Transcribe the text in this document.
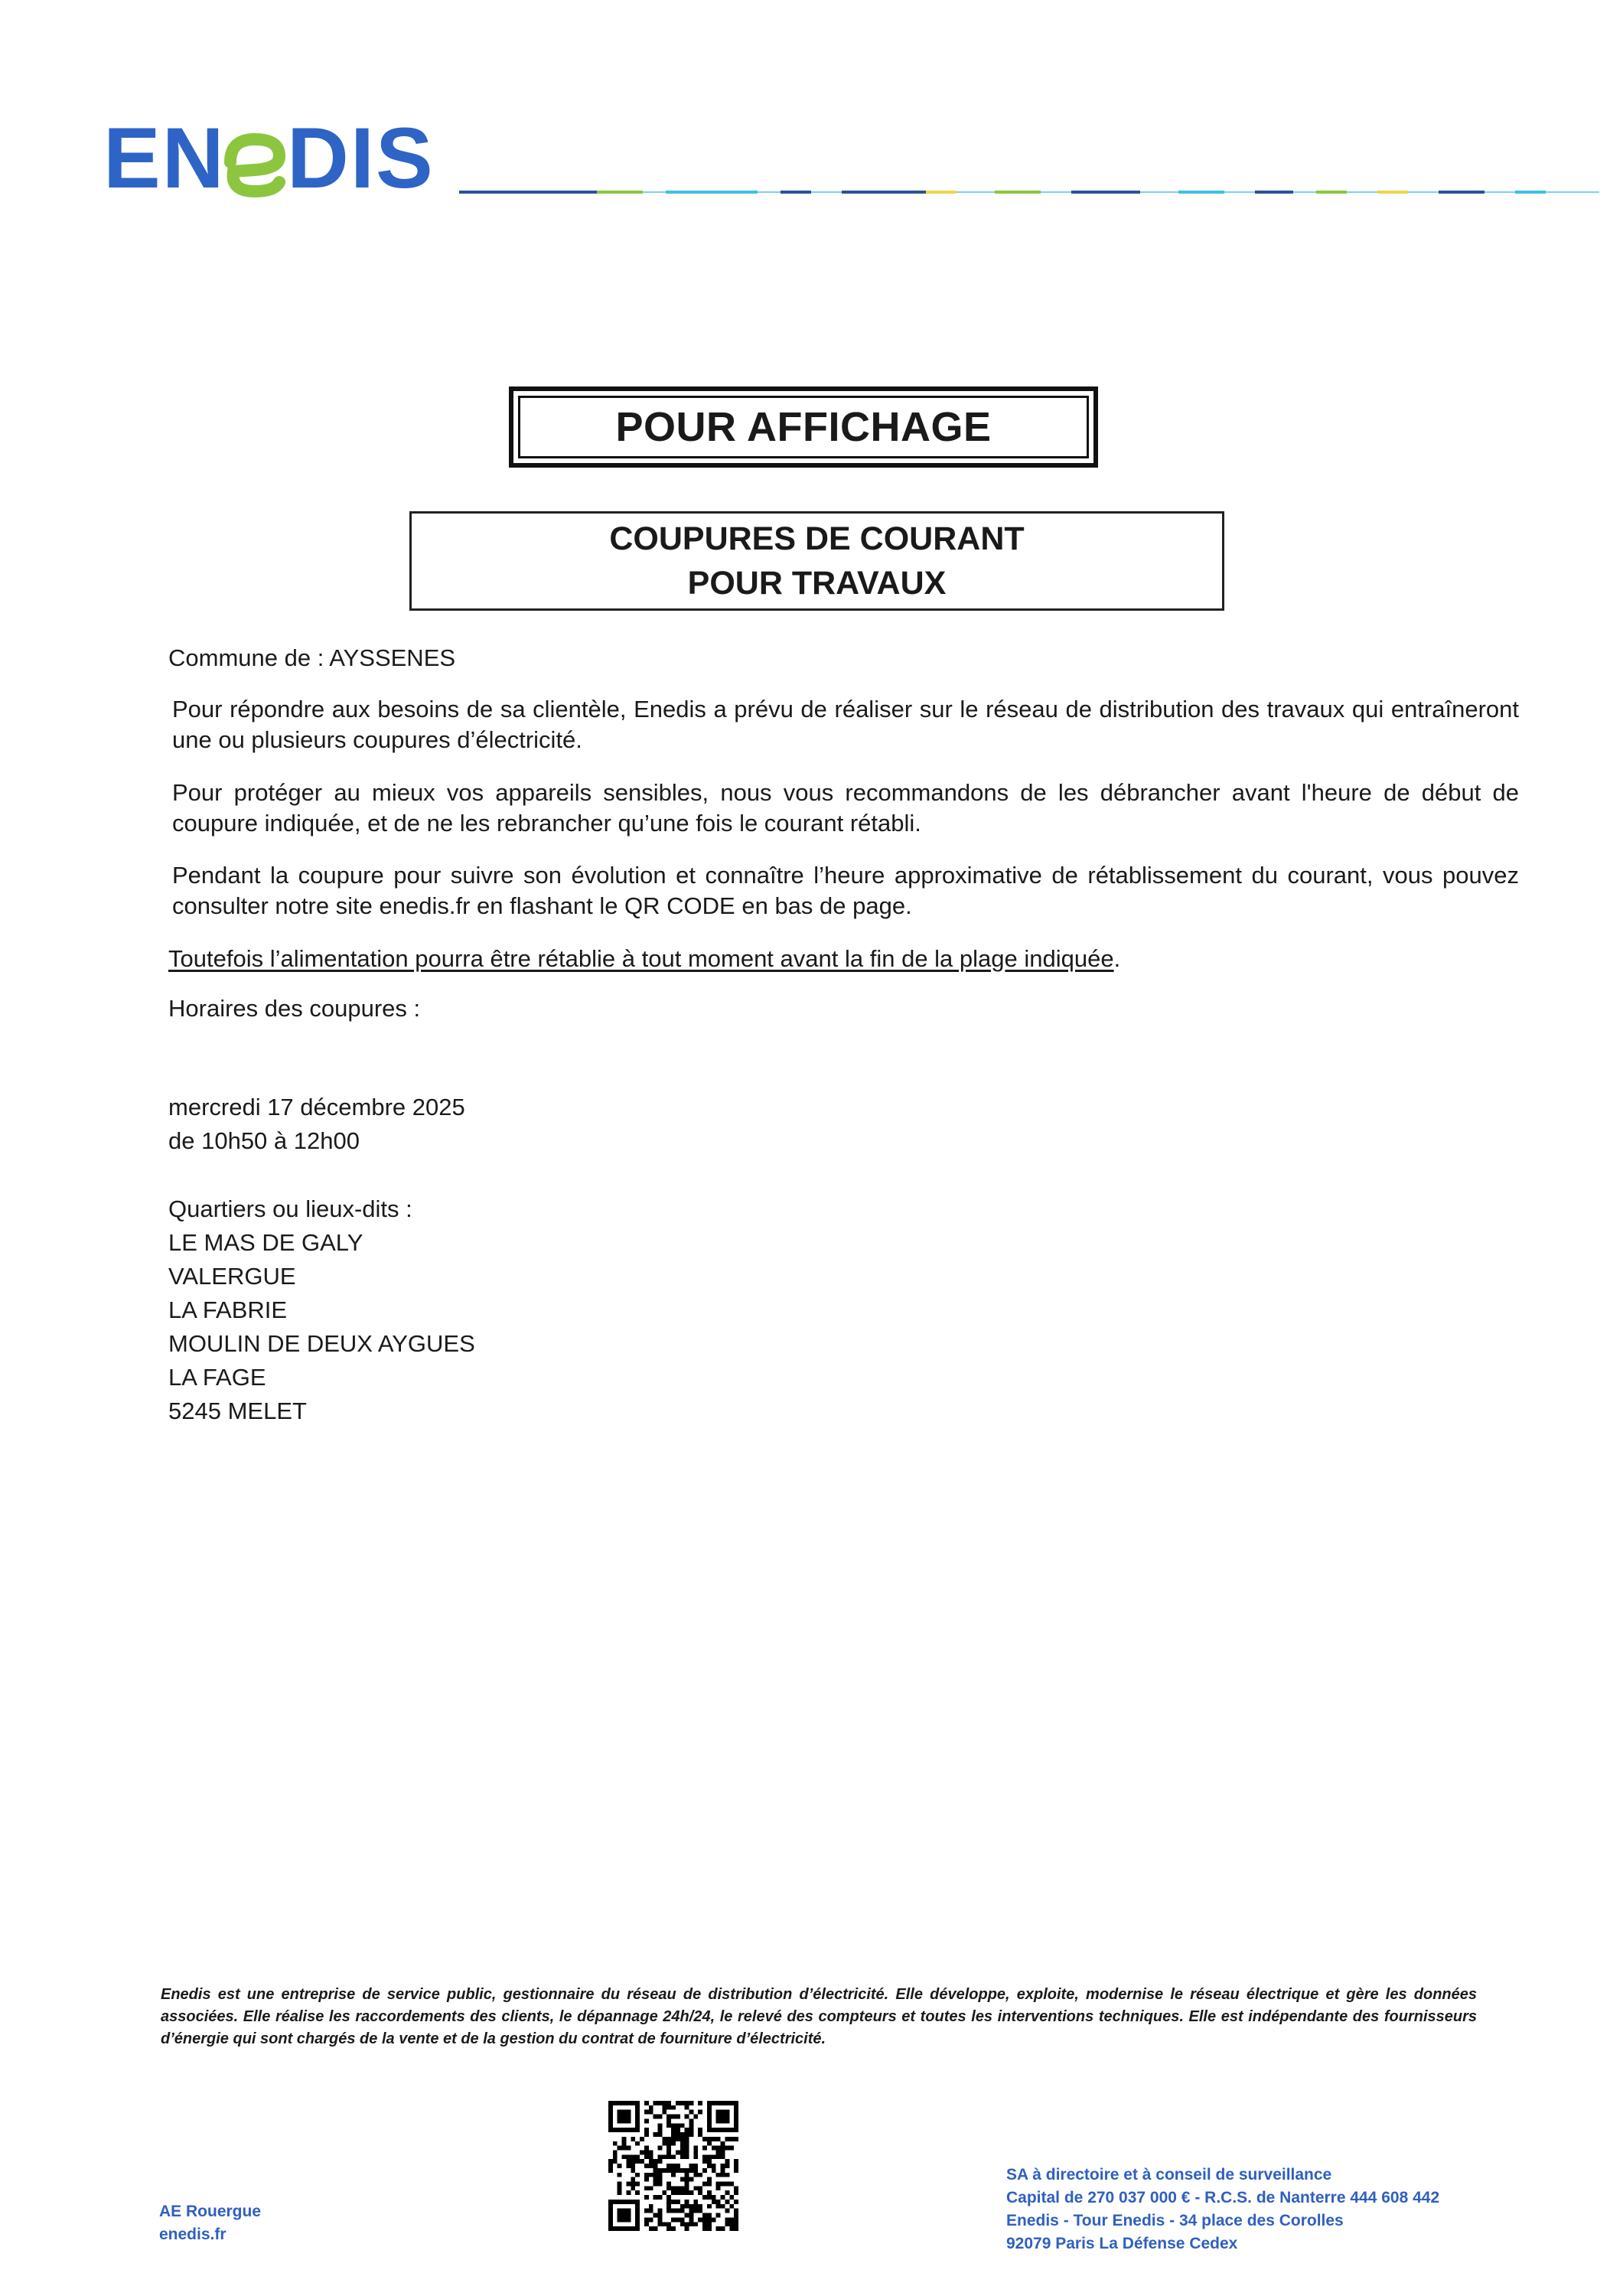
EN DIS
POUR AFFICHAGE
COUPURES DE COURANT
POUR TRAVAUX
Commune de : AYSSENES
Pour répondre aux besoins de sa clientèle, Enedis a prévu de réaliser sur le réseau de distribution des travaux qui entraîneront une ou plusieurs coupures d’électricité.
Pour protéger au mieux vos appareils sensibles, nous vous recommandons de les débrancher avant l'heure de début de coupure indiquée, et de ne les rebrancher qu’une fois le courant rétabli.
Pendant la coupure pour suivre son évolution et connaître l’heure approximative de rétablissement du courant, vous pouvez consulter notre site enedis.fr en flashant le QR CODE en bas de page.
Toutefois l’alimentation pourra être rétablie à tout moment avant la fin de la plage indiquée.
Horaires des coupures :
mercredi 17 décembre 2025
de 10h50 à 12h00
Quartiers ou lieux-dits :
LE MAS DE GALY
VALERGUE
LA FABRIE
MOULIN DE DEUX AYGUES
LA FAGE
5245 MELET
Enedis est une entreprise de service public, gestionnaire du réseau de distribution d’électricité. Elle développe, exploite, modernise le réseau électrique et gère les données associées. Elle réalise les raccordements des clients, le dépannage 24h/24, le relevé des compteurs et toutes les interventions techniques. Elle est indépendante des fournisseurs d’énergie qui sont chargés de la vente et de la gestion du contrat de fourniture d’électricité.
AE Rouergue
enedis.fr
SA à directoire et à conseil de surveillance
Capital de 270 037 000 € - R.C.S. de Nanterre 444 608 442
Enedis - Tour Enedis - 34 place des Corolles
92079 Paris La Défense Cedex
